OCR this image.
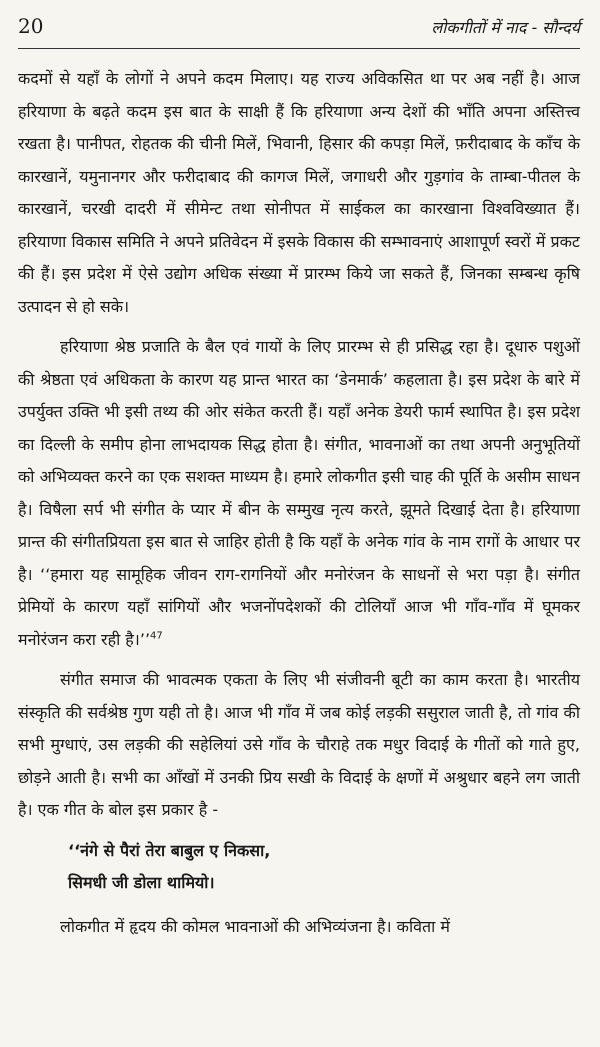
20	लोकगीतों में नाद - सौन्दर्य

कदमों से यहाँ के लोगों ने अपने कदम मिलाए। यह राज्य अविकसित था पर अब नहीं है। आज हरियाणा के बढ़ते कदम इस बात के साक्षी हैं कि हरियाणा अन्य देशों की भाँति अपना अस्तित्त्व रखता है। पानीपत, रोहतक की चीनी मिलें, भिवानी, हिसार की कपड़ा मिलें, फ़रीदाबाद के काँच के कारखानें, यमुनानगर और फरीदाबाद की कागज मिलें, जगाधरी और गुड़गांव के ताम्बा-पीतल के कारखानें, चरखी दादरी में सीमेन्ट तथा सोनीपत में साईकल का कारखाना विश्वविख्यात हैं। हरियाणा विकास समिति ने अपने प्रतिवेदन में इसके विकास की सम्भावनाएं आशापूर्ण स्वरों में प्रकट की हैं। इस प्रदेश में ऐसे उद्योग अधिक संख्या में प्रारम्भ किये जा सकते हैं, जिनका सम्बन्ध कृषि उत्पादन से हो सके।

हरियाणा श्रेष्ठ प्रजाति के बैल एवं गायों के लिए प्रारम्भ से ही प्रसिद्ध रहा है। दूधारु पशुओं की श्रेष्ठता एवं अधिकता के कारण यह प्रान्त भारत का ‘डेनमार्क’ कहलाता है। इस प्रदेश के बारे में उपर्युक्त उक्ति भी इसी तथ्य की ओर संकेत करती हैं। यहाँ अनेक डेयरी फार्म स्थापित है। इस प्रदेश का दिल्ली के समीप होना लाभदायक सिद्ध होता है। संगीत, भावनाओं का तथा अपनी अनुभूतियों को अभिव्यक्त करने का एक सशक्त माध्यम है। हमारे लोकगीत इसी चाह की पूर्ति के असीम साधन है। विषैला सर्प भी संगीत के प्यार में बीन के सम्मुख नृत्य करते, झूमते दिखाई देता है। हरियाणा प्रान्त की संगीतप्रियता इस बात से जाहिर होती है कि यहाँ के अनेक गांव के नाम रागों के आधार पर है। ‘‘हमारा यह सामूहिक जीवन राग-रागनियों और मनोरंजन के साधनों से भरा पड़ा है। संगीत प्रेमियों के कारण यहाँ सांगियों और भजनोंपदेशकों की टोलियाँ आज भी गाँव-गाँव में घूमकर मनोरंजन करा रही है।’’$^{47}$

संगीत समाज की भावत्मक एकता के लिए भी संजीवनी बूटी का काम करता है। भारतीय संस्कृति की सर्वश्रेष्ठ गुण यही तो है। आज भी गाँव में जब कोई लड़की ससुराल जाती है, तो गांव की सभी मुग्धाएं, उस लड़की की सहेलियां उसे गाँव के चौराहे तक मधुर विदाई के गीतों को गाते हुए, छोड़ने आती है। सभी का आँखों में उनकी प्रिय सखी के विदाई के क्षणों में अश्रुधार बहने लग जाती है। एक गीत के बोल इस प्रकार है -

‘‘नंगे से पैरां तेरा बाबुल ए निकसा,
सिमधी जी डोला थामियो।

लोकगीत में हृदय की कोमल भावनाओं की अभिव्यंजना है। कविता में
